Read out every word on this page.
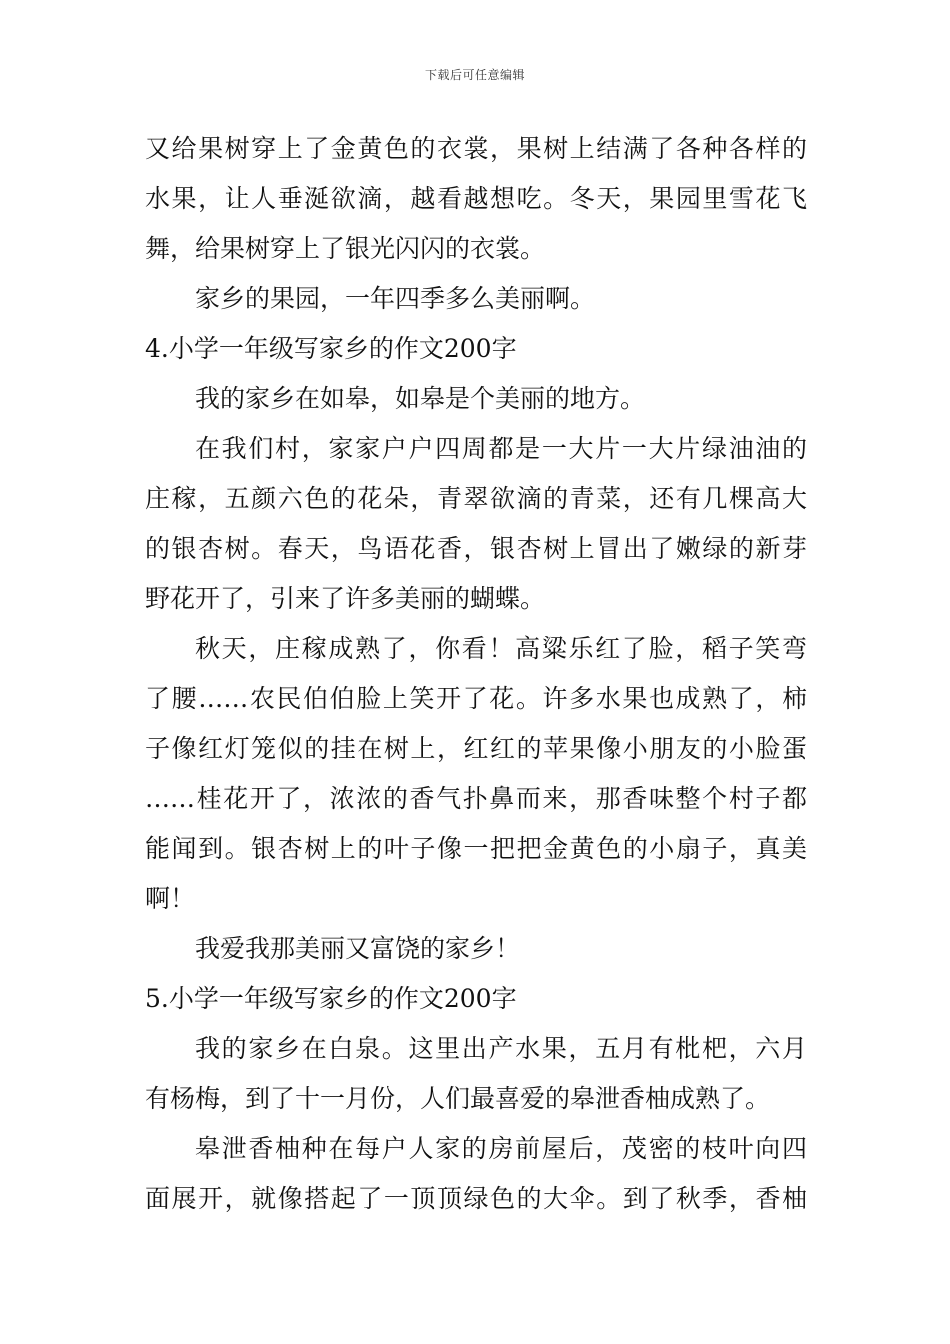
下载后可任意编辑
又给果树穿上了金黄色的衣裳，果树上结满了各种各样的
水果，让人垂涎欲滴，越看越想吃。冬天，果园里雪花飞
舞，给果树穿上了银光闪闪的衣裳。
家乡的果园，一年四季多么美丽啊。
4.小学一年级写家乡的作文200字
我的家乡在如皋，如皋是个美丽的地方。
在我们村，家家户户四周都是一大片一大片绿油油的
庄稼，五颜六色的花朵，青翠欲滴的青菜，还有几棵高大
的银杏树。春天，鸟语花香，银杏树上冒出了嫩绿的新芽
野花开了，引来了许多美丽的蝴蝶。
秋天，庄稼成熟了，你看！高粱乐红了脸，稻子笑弯
了腰……农民伯伯脸上笑开了花。许多水果也成熟了，柿
子像红灯笼似的挂在树上，红红的苹果像小朋友的小脸蛋
……桂花开了，浓浓的香气扑鼻而来，那香味整个村子都
能闻到。银杏树上的叶子像一把把金黄色的小扇子，真美
啊！
我爱我那美丽又富饶的家乡！
5.小学一年级写家乡的作文200字
我的家乡在白泉。这里出产水果，五月有枇杷，六月
有杨梅，到了十一月份，人们最喜爱的皋泄香柚成熟了。
皋泄香柚种在每户人家的房前屋后，茂密的枝叶向四
面展开，就像搭起了一顶顶绿色的大伞。到了秋季，香柚
